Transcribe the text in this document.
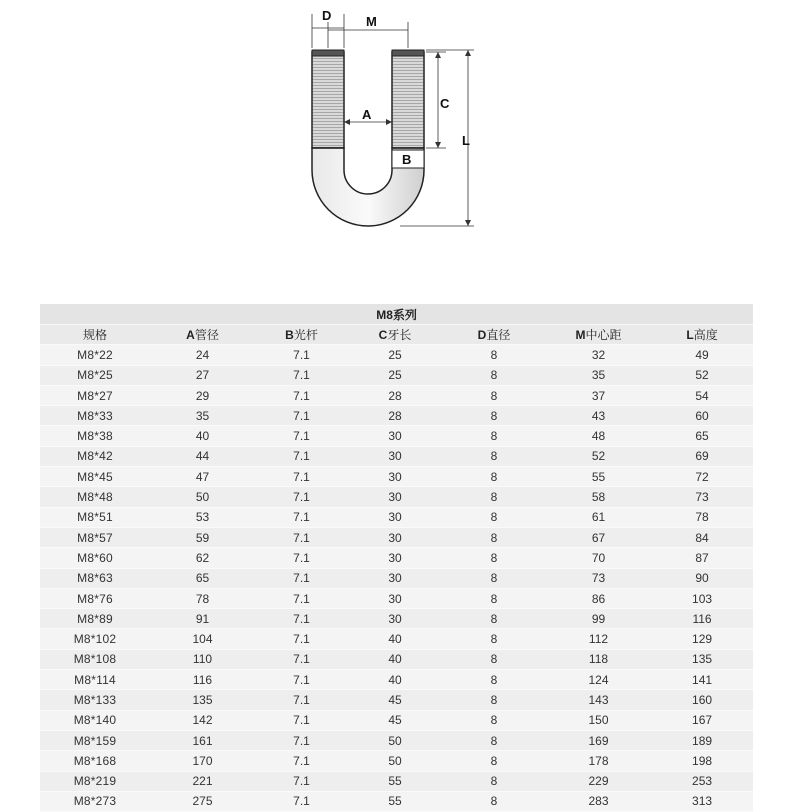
D	M
A
B
C
L
M8系列						
规格	A管径	B光杆	C牙长	D直径	M中心距	L高度
M8*22	24	7.1	25	8	32	49
M8*25	27	7.1	25	8	35	52
M8*27	29	7.1	28	8	37	54
M8*33	35	7.1	28	8	43	60
M8*38	40	7.1	30	8	48	65
M8*42	44	7.1	30	8	52	69
M8*45	47	7.1	30	8	55	72
M8*48	50	7.1	30	8	58	73
M8*51	53	7.1	30	8	61	78
M8*57	59	7.1	30	8	67	84
M8*60	62	7.1	30	8	70	87
M8*63	65	7.1	30	8	73	90
M8*76	78	7.1	30	8	86	103
M8*89	91	7.1	30	8	99	116
M8*102	104	7.1	40	8	112	129
M8*108	110	7.1	40	8	118	135
M8*114	116	7.1	40	8	124	141
M8*133	135	7.1	45	8	143	160
M8*140	142	7.1	45	8	150	167
M8*159	161	7.1	50	8	169	189
M8*168	170	7.1	50	8	178	198
M8*219	221	7.1	55	8	229	253
M8*273	275	7.1	55	8	283	313
